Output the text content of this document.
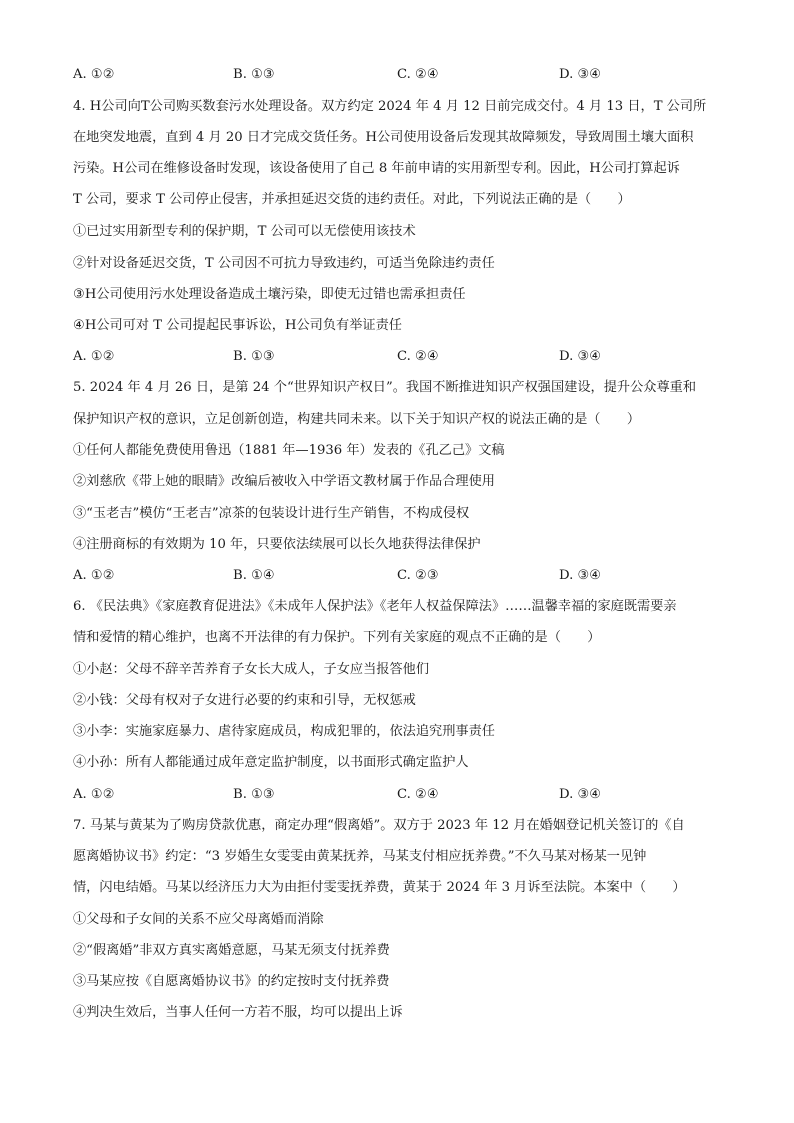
A. ①②	B. ①③	C. ②④	D. ③④
4. H公司向T公司购买数套污水处理设备。双方约定 2024 年 4 月 12 日前完成交付。4 月 13 日，T 公司所
在地突发地震，直到 4 月 20 日才完成交货任务。H公司使用设备后发现其故障频发，导致周围土壤大面积
污染。H公司在维修设备时发现，该设备使用了自己 8 年前申请的实用新型专利。因此，H公司打算起诉
T 公司，要求 T 公司停止侵害，并承担延迟交货的违约责任。对此，下列说法正确的是（　　）
①已过实用新型专利的保护期，T 公司可以无偿使用该技术
②针对设备延迟交货，T 公司因不可抗力导致违约，可适当免除违约责任
③H公司使用污水处理设备造成土壤污染，即使无过错也需承担责任
④H公司可对 T 公司提起民事诉讼，H公司负有举证责任
A. ①②	B. ①③	C. ②④	D. ③④
5. 2024 年 4 月 26 日，是第 24 个“世界知识产权日”。我国不断推进知识产权强国建设，提升公众尊重和
保护知识产权的意识，立足创新创造，构建共同未来。以下关于知识产权的说法正确的是（　　）
①任何人都能免费使用鲁迅（1881 年—1936 年）发表的《孔乙己》文稿
②刘慈欣《带上她的眼睛》改编后被收入中学语文教材属于作品合理使用
③“玉老吉”模仿“王老吉”凉茶的包装设计进行生产销售，不构成侵权
④注册商标的有效期为 10 年，只要依法续展可以长久地获得法律保护
A. ①②	B. ①④	C. ②③	D. ③④
6. 《民法典》《家庭教育促进法》《未成年人保护法》《老年人权益保障法》……温馨幸福的家庭既需要亲
情和爱情的精心维护，也离不开法律的有力保护。下列有关家庭的观点不正确的是（　　）
①小赵：父母不辞辛苦养育子女长大成人，子女应当报答他们
②小钱：父母有权对子女进行必要的约束和引导，无权惩戒
③小李：实施家庭暴力、虐待家庭成员，构成犯罪的，依法追究刑事责任
④小孙：所有人都能通过成年意定监护制度，以书面形式确定监护人
A. ①②	B. ①③	C. ②④	D. ③④
7. 马某与黄某为了购房贷款优惠，商定办理“假离婚”。双方于 2023 年 12 月在婚姻登记机关签订的《自
愿离婚协议书》约定：“3 岁婚生女雯雯由黄某抚养，马某支付相应抚养费。”不久马某对杨某一见钟
情，闪电结婚。马某以经济压力大为由拒付雯雯抚养费，黄某于 2024 年 3 月诉至法院。本案中（　　）
①父母和子女间的关系不应父母离婚而消除
②“假离婚”非双方真实离婚意愿，马某无须支付抚养费
③马某应按《自愿离婚协议书》的约定按时支付抚养费
④判决生效后，当事人任何一方若不服，均可以提出上诉
